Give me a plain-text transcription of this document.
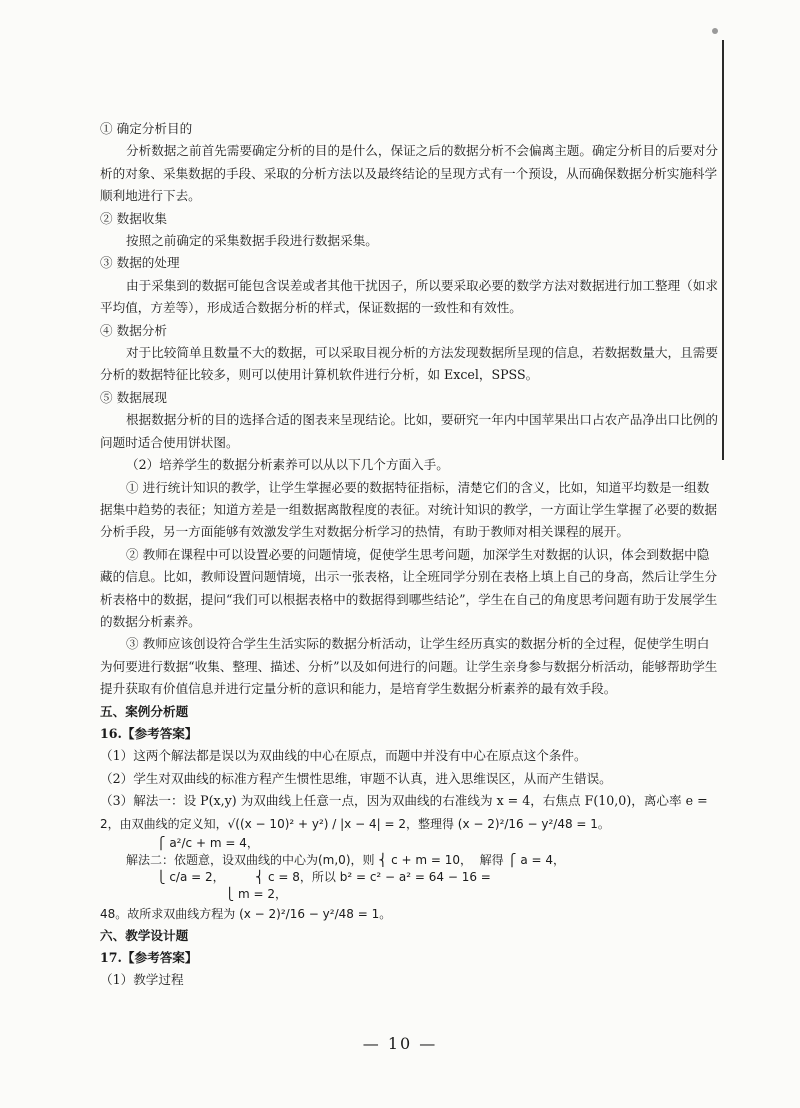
① 确定分析目的

分析数据之前首先需要确定分析的目的是什么，保证之后的数据分析不会偏离主题。确定分析目的后要对分析的对象、采集数据的手段、采取的分析方法以及最终结论的呈现方式有一个预设，从而确保数据分析实施科学顺利地进行下去。

② 数据收集

按照之前确定的采集数据手段进行数据采集。

③ 数据的处理

由于采集到的数据可能包含误差或者其他干扰因子，所以要采取必要的数学方法对数据进行加工整理（如求平均值，方差等），形成适合数据分析的样式，保证数据的一致性和有效性。

④ 数据分析

对于比较简单且数量不大的数据，可以采取目视分析的方法发现数据所呈现的信息，若数据数量大，且需要分析的数据特征比较多，则可以使用计算机软件进行分析，如 Excel，SPSS。

⑤ 数据展现

根据数据分析的目的选择合适的图表来呈现结论。比如，要研究一年内中国苹果出口占农产品净出口比例的问题时适合使用饼状图。

（2）培养学生的数据分析素养可以从以下几个方面入手。

① 进行统计知识的教学，让学生掌握必要的数据特征指标，清楚它们的含义，比如，知道平均数是一组数据集中趋势的表征；知道方差是一组数据离散程度的表征。对统计知识的教学，一方面让学生掌握了必要的数据分析手段，另一方面能够有效激发学生对数据分析学习的热情，有助于教师对相关课程的展开。

② 教师在课程中可以设置必要的问题情境，促使学生思考问题，加深学生对数据的认识，体会到数据中隐藏的信息。比如，教师设置问题情境，出示一张表格，让全班同学分别在表格上填上自己的身高，然后让学生分析表格中的数据，提问“我们可以根据表格中的数据得到哪些结论”，学生在自己的角度思考问题有助于发展学生的数据分析素养。

③ 教师应该创设符合学生生活实际的数据分析活动，让学生经历真实的数据分析的全过程，促使学生明白为何要进行数据“收集、整理、描述、分析”以及如何进行的问题。让学生亲身参与数据分析活动，能够帮助学生提升获取有价值信息并进行定量分析的意识和能力，是培育学生数据分析素养的最有效手段。

五、案例分析题

16.【参考答案】

（1）这两个解法都是误以为双曲线的中心在原点，而题中并没有中心在原点这个条件。

（2）学生对双曲线的标准方程产生惯性思维，审题不认真，进入思维误区，从而产生错误。

（3）解法一：设 P(x,y) 为双曲线上任意一点，因为双曲线的右准线为 x = 4，右焦点 F(10,0)，离心率 e =

2，由双曲线的定义知，√((x − 10)² + y²) / |x − 4| = 2，整理得 (x − 2)²/16 − y²/48 = 1。

⎧ a²/c + m = 4，
解法二：依题意，设双曲线的中心为(m,0)，则 ⎨ c + m = 10，  解得 ⎧ a = 4，
⎩ c/a = 2，        ⎨ c = 8，所以 b² = c² − a² = 64 − 16 =
⎩ m = 2，

48。故所求双曲线方程为 (x − 2)²/16 − y²/48 = 1。

六、教学设计题

17.【参考答案】

（1）教学过程

— 10 —
